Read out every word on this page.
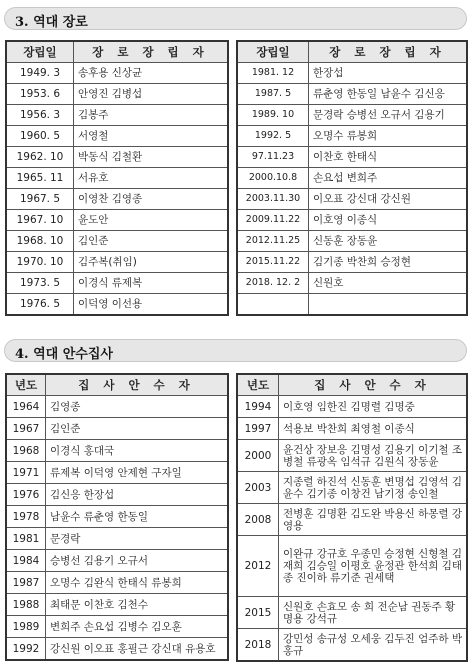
3. 역대 장로
장립일	장 로 장 립 자
1949. 3	송후용 신상균
1953. 6	안영진 김병섭
1956. 3	김봉주
1960. 5	서영철
1962. 10	박동식 김철환
1965. 11	서유호
1967. 5	이영찬 김영종
1967. 10	윤도안
1968. 10	김인준
1970. 10	김주복(취임)
1973. 5	이경식 류제복
1976. 5	이덕영 이선용
장립일	장 로 장 립 자
1981. 12	한장섭
1987. 5	류춘영 한동일 남윤수 김신응
1989. 10	문경락 승병선 오규서 김용기
1992. 5	오명수 류봉희
97.11.23	이찬호 한태식
2000.10.8	손요섭 변희주
2003.11.30	이오표 강신대 강신원
2009.11.22	이호영 이종식
2012.11.25	신동훈 장동윤
2015.11.22	김기종 박찬희 승정현
2018. 12. 2	신원호

4. 역대 안수집사
년도	집 사 안 수 자
1964	김영종
1967	김인준
1968	이경식 홍대국
1971	류제복 이덕영 안제현 구자일
1976	김신응 한장섭
1978	남윤수 류춘영 한동일
1981	문경락
1984	승병선 김용기 오규서
1987	오명수 김완식 한태식 류봉희
1988	최태문 이찬호 김천수
1989	변희주 손요섭 김병수 김오훈
1992	강신원 이오표 홍필근 강신대 유용호
년도	집 사 안 수 자
1994	이호영 임한진 김명렬 김명중
1997	석용보 박찬희 최영철 이종식
2000	윤건상 장보응 김명성 김용기 이기철 조병철 류광옥 임석규 김원식 장동윤
2003	지종렬 하진석 신동훈 변명섭 김영석 김윤수 김기종 이창건 남기정 송인철
2008	전병훈 김명환 김도완 박용신 하몽렬 강영용
2012	이완규 강규호 우종민 승정현 신형철 김재희 김승일 이평호 윤정관 한석희 김태종 진이하 류기준 권세택
2015	신원호 손효모 송 희 전순남 권동주 황명용 강석규
2018	강민성 송규성 오세웅 김두진 엄주하 박홍규
